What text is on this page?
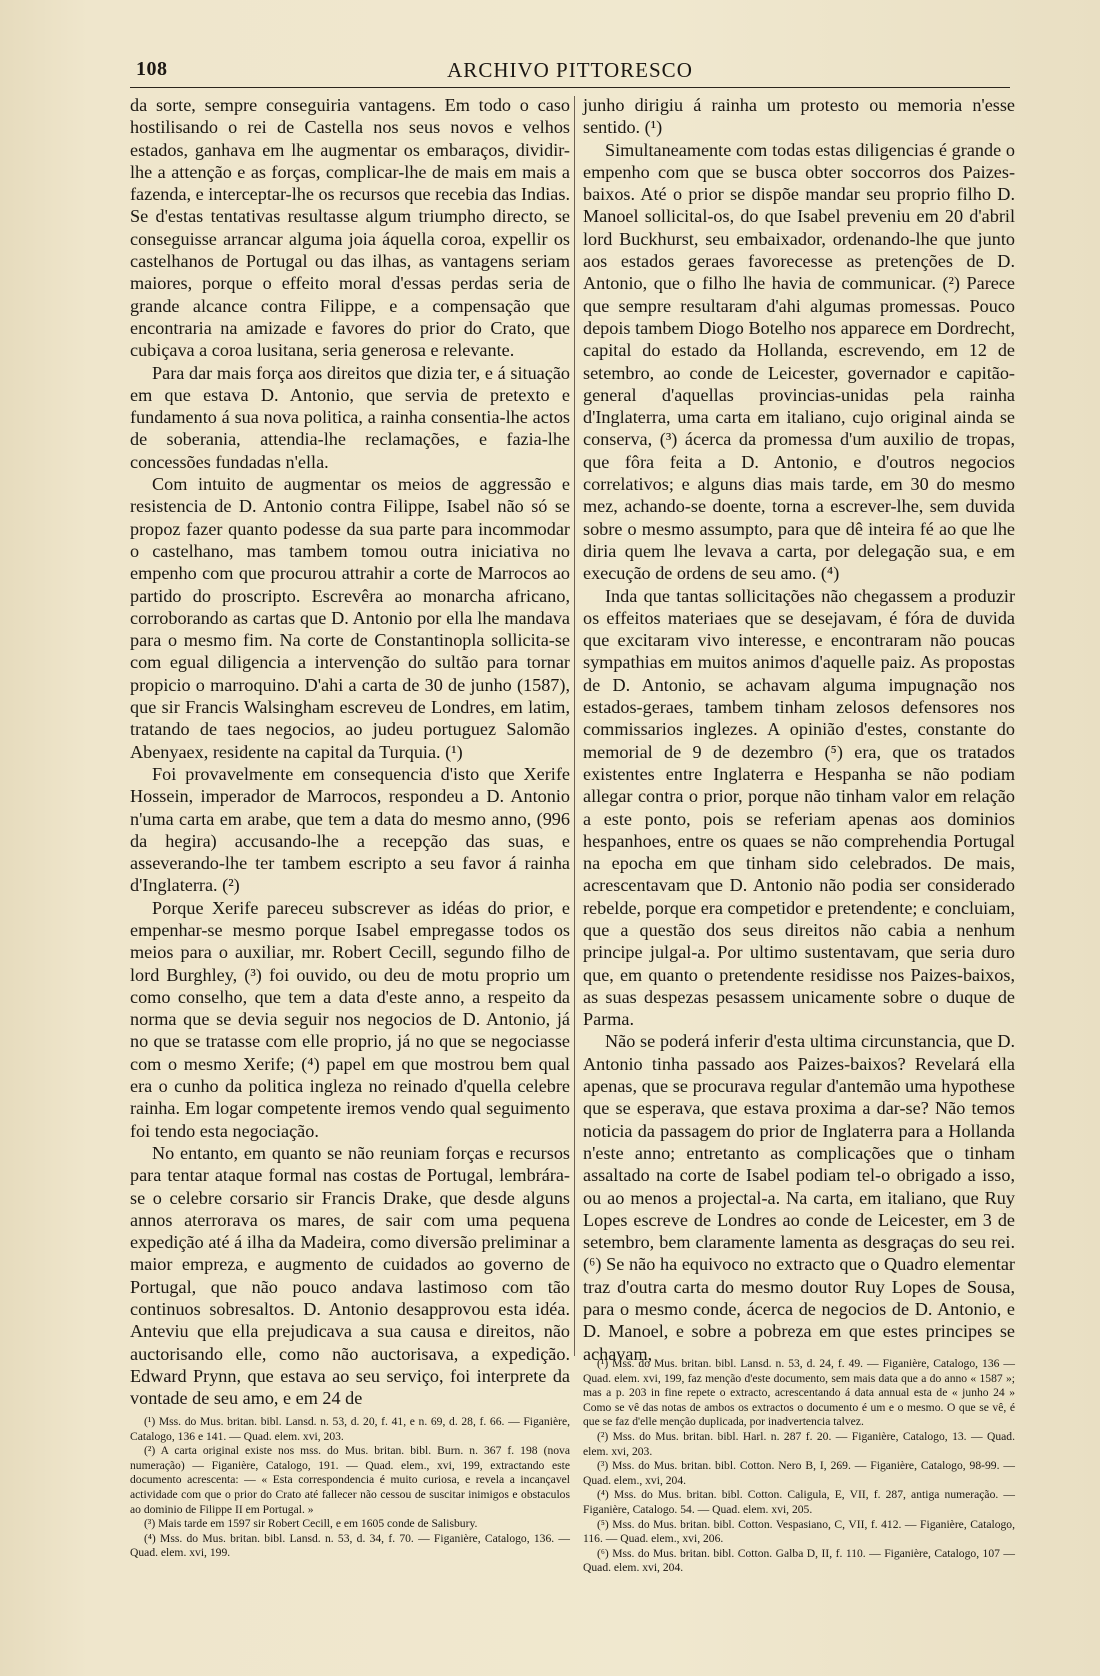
108	ARCHIVO PITTORESCO

da sorte, sempre conseguiria vantagens. Em todo o caso hostilisando o rei de Castella nos seus novos e velhos estados, ganhava em lhe augmentar os embaraços, dividir-lhe a attenção e as forças, complicar-lhe de mais em mais a fazenda, e interceptar-lhe os recursos que recebia das Indias. Se d'estas tentativas resultasse algum triumpho directo, se conseguisse arrancar alguma joia áquella coroa, expellir os castelhanos de Portugal ou das ilhas, as vantagens seriam maiores, porque o effeito moral d'essas perdas seria de grande alcance contra Filippe, e a compensação que encontraria na amizade e favores do prior do Crato, que cubiçava a coroa lusitana, seria generosa e relevante.

Para dar mais força aos direitos que dizia ter, e á situação em que estava D. Antonio, que servia de pretexto e fundamento á sua nova politica, a rainha consentia-lhe actos de soberania, attendia-lhe reclamações, e fazia-lhe concessões fundadas n'ella.

Com intuito de augmentar os meios de aggressão e resistencia de D. Antonio contra Filippe, Isabel não só se propoz fazer quanto podesse da sua parte para incommodar o castelhano, mas tambem tomou outra iniciativa no empenho com que procurou attrahir a corte de Marrocos ao partido do proscripto. Escrevêra ao monarcha africano, corroborando as cartas que D. Antonio por ella lhe mandava para o mesmo fim. Na corte de Constantinopla sollicita-se com egual diligencia a intervenção do sultão para tornar propicio o marroquino. D'ahi a carta de 30 de junho (1587), que sir Francis Walsingham escreveu de Londres, em latim, tratando de taes negocios, ao judeu portuguez Salomão Abenyaex, residente na capital da Turquia. (¹)

Foi provavelmente em consequencia d'isto que Xerife Hossein, imperador de Marrocos, respondeu a D. Antonio n'uma carta em arabe, que tem a data do mesmo anno, (996 da hegira) accusando-lhe a recepção das suas, e asseverando-lhe ter tambem escripto a seu favor á rainha d'Inglaterra. (²)

Porque Xerife pareceu subscrever as idéas do prior, e empenhar-se mesmo porque Isabel empregasse todos os meios para o auxiliar, mr. Robert Cecill, segundo filho de lord Burghley, (³) foi ouvido, ou deu de motu proprio um como conselho, que tem a data d'este anno, a respeito da norma que se devia seguir nos negocios de D. Antonio, já no que se tratasse com elle proprio, já no que se negociasse com o mesmo Xerife; (⁴) papel em que mostrou bem qual era o cunho da politica ingleza no reinado d'quella celebre rainha. Em logar competente iremos vendo qual seguimento foi tendo esta negociação.

No entanto, em quanto se não reuniam forças e recursos para tentar ataque formal nas costas de Portugal, lembrára-se o celebre corsario sir Francis Drake, que desde alguns annos aterrorava os mares, de sair com uma pequena expedição até á ilha da Madeira, como diversão preliminar a maior empreza, e augmento de cuidados ao governo de Portugal, que não pouco andava lastimoso com tão continuos sobresaltos. D. Antonio desapprovou esta idéa. Anteviu que ella prejudicava a sua causa e direitos, não auctorisando elle, como não auctorisava, a expedição. Edward Prynn, que estava ao seu serviço, foi interprete da vontade de seu amo, e em 24 de

junho dirigiu á rainha um protesto ou memoria n'esse sentido. (¹)

Simultaneamente com todas estas diligencias é grande o empenho com que se busca obter soccorros dos Paizes-baixos. Até o prior se dispõe mandar seu proprio filho D. Manoel sollicital-os, do que Isabel preveniu em 20 d'abril lord Buckhurst, seu embaixador, ordenando-lhe que junto aos estados geraes favorecesse as pretenções de D. Antonio, que o filho lhe havia de communicar. (²) Parece que sempre resultaram d'ahi algumas promessas. Pouco depois tambem Diogo Botelho nos apparece em Dordrecht, capital do estado da Hollanda, escrevendo, em 12 de setembro, ao conde de Leicester, governador e capitão-general d'aquellas provincias-unidas pela rainha d'Inglaterra, uma carta em italiano, cujo original ainda se conserva, (³) ácerca da promessa d'um auxilio de tropas, que fôra feita a D. Antonio, e d'outros negocios correlativos; e alguns dias mais tarde, em 30 do mesmo mez, achando-se doente, torna a escrever-lhe, sem duvida sobre o mesmo assumpto, para que dê inteira fé ao que lhe diria quem lhe levava a carta, por delegação sua, e em execução de ordens de seu amo. (⁴)

Inda que tantas sollicitações não chegassem a produzir os effeitos materiaes que se desejavam, é fóra de duvida que excitaram vivo interesse, e encontraram não poucas sympathias em muitos animos d'aquelle paiz. As propostas de D. Antonio, se achavam alguma impugnação nos estados-geraes, tambem tinham zelosos defensores nos commissarios inglezes. A opinião d'estes, constante do memorial de 9 de dezembro (⁵) era, que os tratados existentes entre Inglaterra e Hespanha se não podiam allegar contra o prior, porque não tinham valor em relação a este ponto, pois se referiam apenas aos dominios hespanhoes, entre os quaes se não comprehendia Portugal na epocha em que tinham sido celebrados. De mais, acrescentavam que D. Antonio não podia ser considerado rebelde, porque era competidor e pretendente; e concluiam, que a questão dos seus direitos não cabia a nenhum principe julgal-a. Por ultimo sustentavam, que seria duro que, em quanto o pretendente residisse nos Paizes-baixos, as suas despezas pesassem unicamente sobre o duque de Parma.

Não se poderá inferir d'esta ultima circunstancia, que D. Antonio tinha passado aos Paizes-baixos? Revelará ella apenas, que se procurava regular d'antemão uma hypothese que se esperava, que estava proxima a dar-se? Não temos noticia da passagem do prior de Inglaterra para a Hollanda n'este anno; entretanto as complicações que o tinham assaltado na corte de Isabel podiam tel-o obrigado a isso, ou ao menos a projectal-a. Na carta, em italiano, que Ruy Lopes escreve de Londres ao conde de Leicester, em 3 de setembro, bem claramente lamenta as desgraças do seu rei. (⁶) Se não ha equivoco no extracto que o Quadro elementar traz d'outra carta do mesmo doutor Ruy Lopes de Sousa, para o mesmo conde, ácerca de negocios de D. Antonio, e D. Manoel, e sobre a pobreza em que estes principes se achavam,

(¹) Mss. do Mus. britan. bibl. Lansd. n. 53, d. 20, f. 41, e n. 69, d. 28, f. 66. — Figanière, Catalogo, 136 e 141. — Quad. elem. xvi, 203.

(²) A carta original existe nos mss. do Mus. britan. bibl. Burn. n. 367 f. 198 (nova numeração) — Figanière, Catalogo, 191. — Quad. elem., xvi, 199, extractando este documento acrescenta: — « Esta correspondencia é muito curiosa, e revela a incançavel actividade com que o prior do Crato até fallecer não cessou de suscitar inimigos e obstaculos ao dominio de Filippe II em Portugal. »

(³) Mais tarde em 1597 sir Robert Cecill, e em 1605 conde de Salisbury.

(⁴) Mss. do Mus. britan. bibl. Lansd. n. 53, d. 34, f. 70. — Figanière, Catalogo, 136. — Quad. elem. xvi, 199.

(¹) Mss. do Mus. britan. bibl. Lansd. n. 53, d. 24, f. 49. — Figanière, Catalogo, 136 — Quad. elem. xvi, 199, faz menção d'este documento, sem mais data que a do anno « 1587 »; mas a p. 203 in fine repete o extracto, acrescentando á data annual esta de « junho 24 » Como se vê das notas de ambos os extractos o documento é um e o mesmo. O que se vê, é que se faz d'elle menção duplicada, por inadvertencia talvez.

(²) Mss. do Mus. britan. bibl. Harl. n. 287 f. 20. — Figanière, Catalogo, 13. — Quad. elem. xvi, 203.

(³) Mss. do Mus. britan. bibl. Cotton. Nero B, I, 269. — Figanière, Catalogo, 98-99. — Quad. elem., xvi, 204.

(⁴) Mss. do Mus. britan. bibl. Cotton. Caligula, E, VII, f. 287, antiga numeração. — Figanière, Catalogo. 54. — Quad. elem. xvi, 205.

(⁵) Mss. do Mus. britan. bibl. Cotton. Vespasiano, C, VII, f. 412. — Figanière, Catalogo, 116. — Quad. elem., xvi, 206.

(⁶) Mss. do Mus. britan. bibl. Cotton. Galba D, II, f. 110. — Figanière, Catalogo, 107 — Quad. elem. xvi, 204.
